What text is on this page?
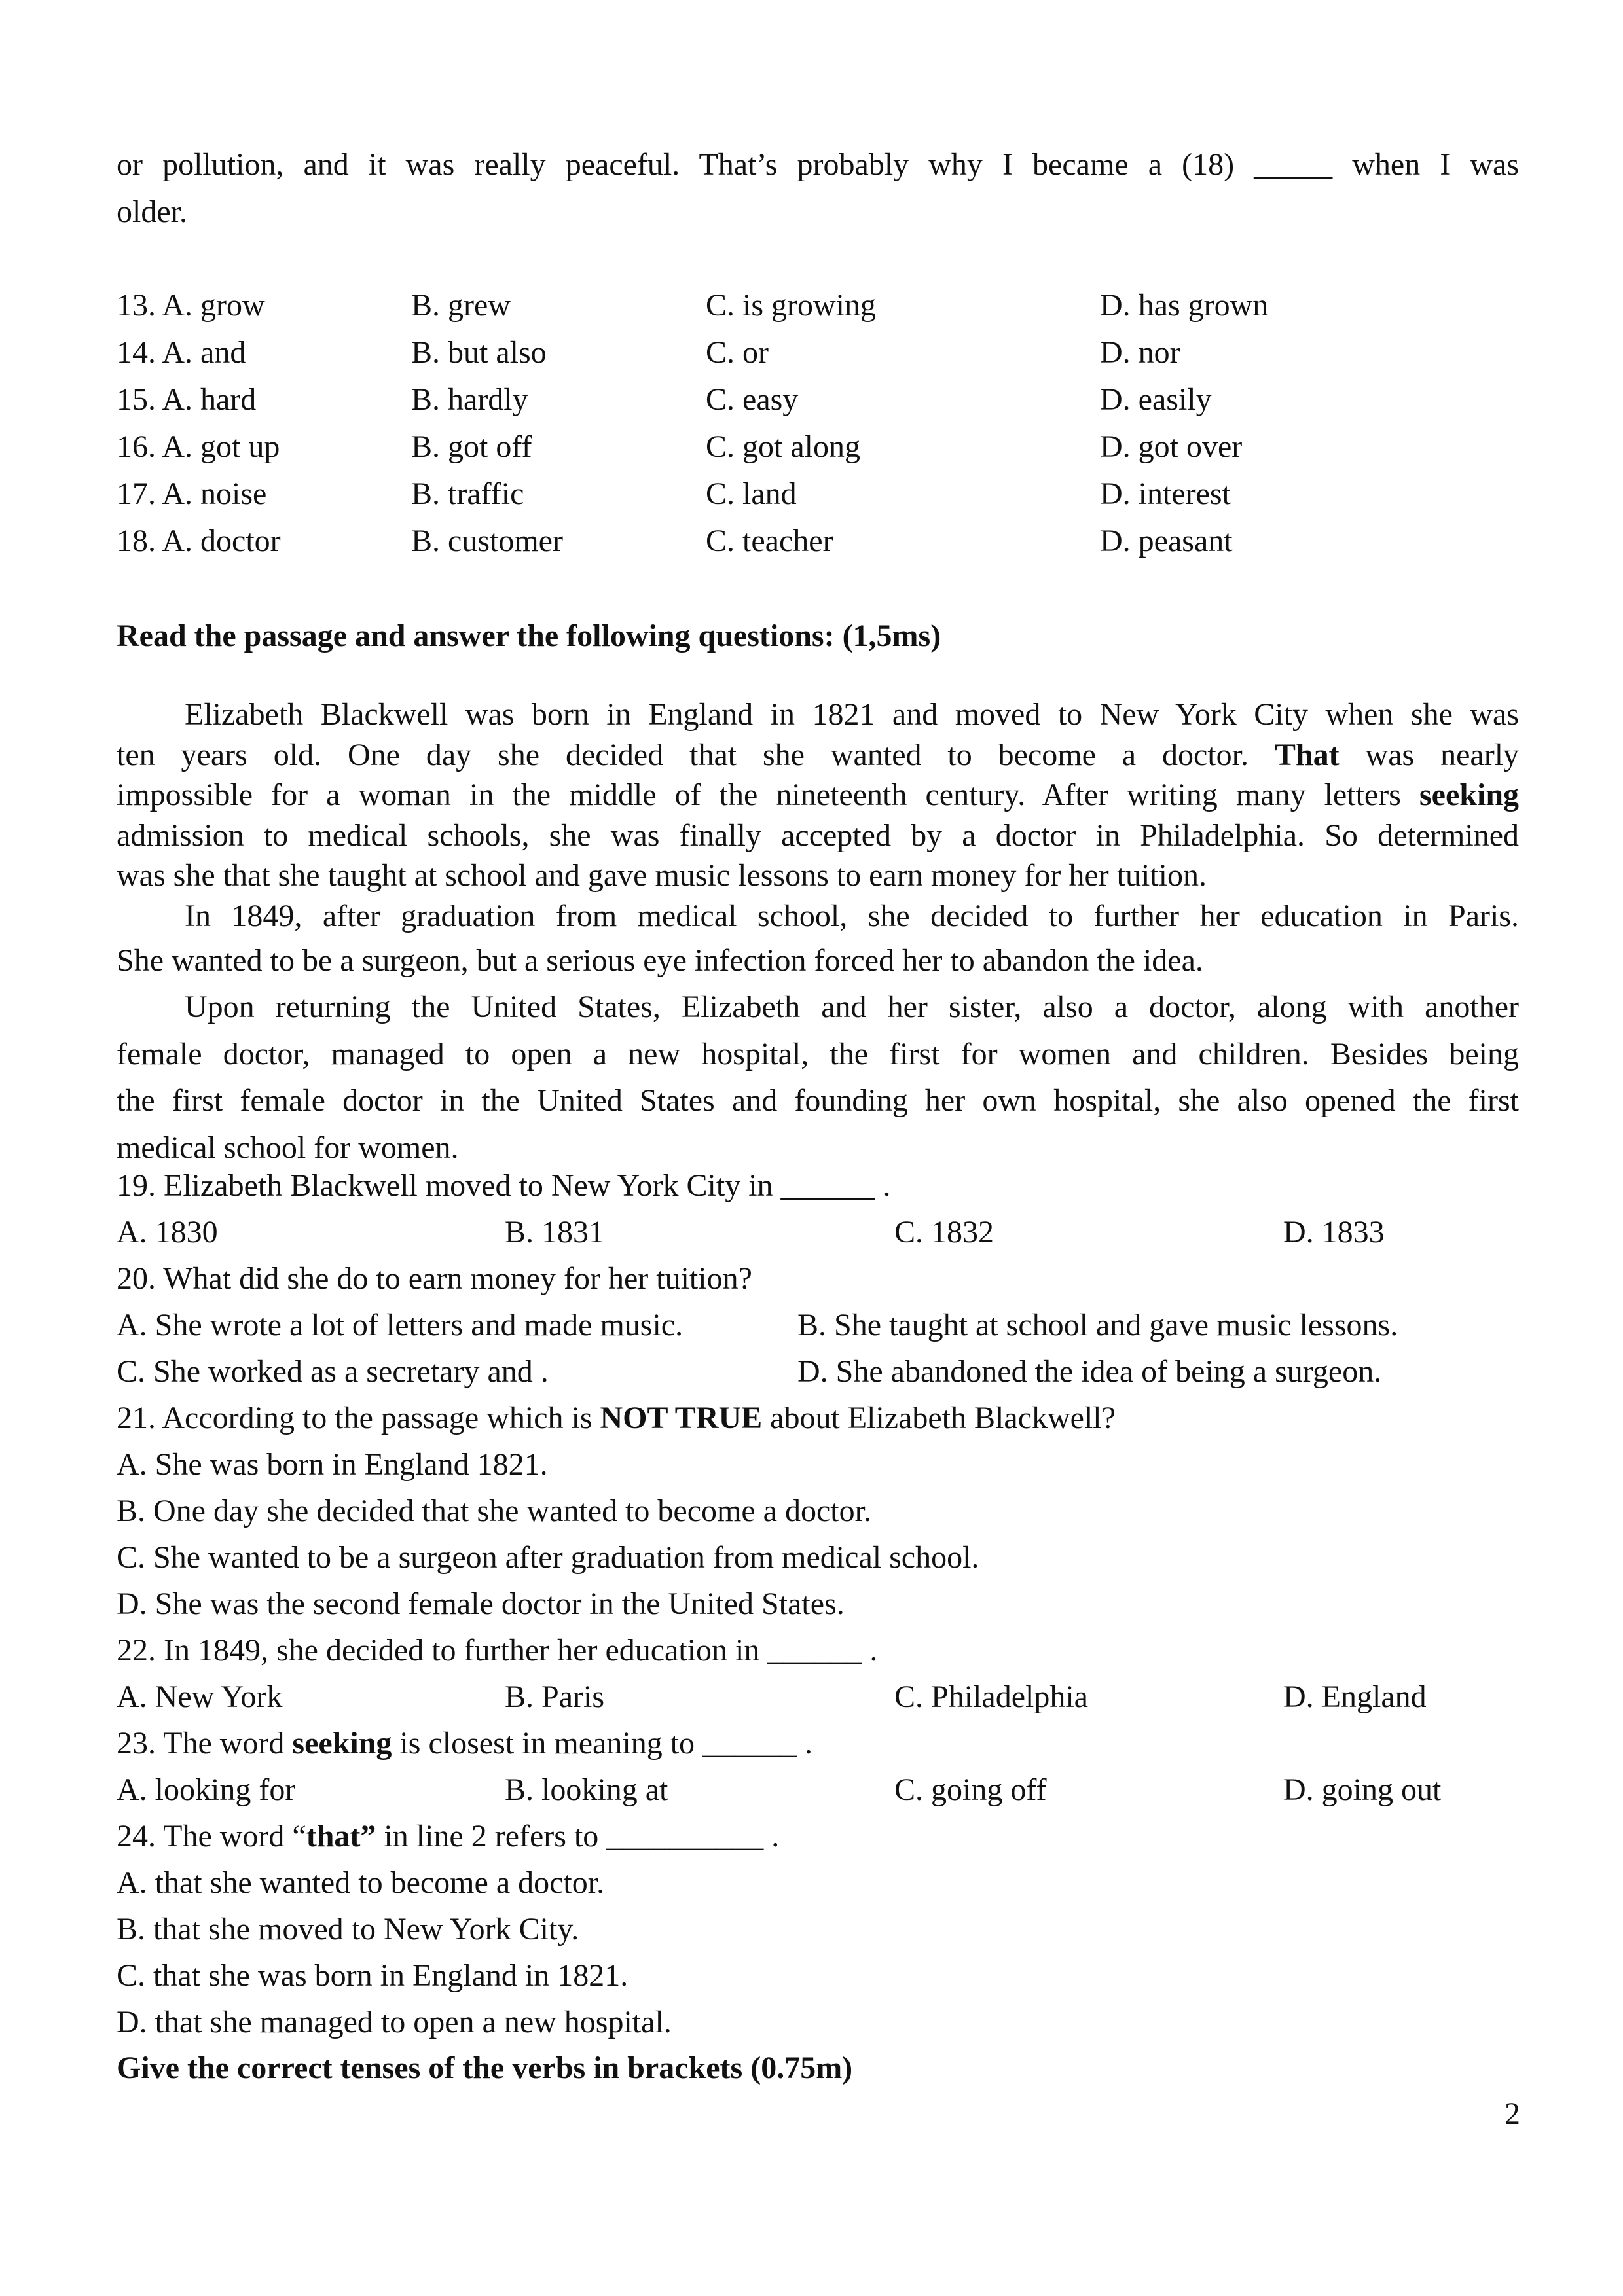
or pollution, and it was really peaceful. That’s probably why I became a (18) _____ when I was
older.
13. A. grow	B. grew	C. is growing	D. has grown
14. A. and	B. but also	C. or	D. nor
15. A. hard	B. hardly	C. easy	D. easily
16. A. got up	B. got off	C. got along	D. got over
17. A. noise	B. traffic	C. land	D. interest
18. A. doctor	B. customer	C. teacher	D. peasant
Read the passage and answer the following questions: (1,5ms)
Elizabeth Blackwell was born in England in 1821 and moved to New York City when she was
ten years old. One day she decided that she wanted to become a doctor. That was nearly
impossible for a woman in the middle of the nineteenth century. After writing many letters seeking
admission to medical schools, she was finally accepted by a doctor in Philadelphia. So determined
was she that she taught at school and gave music lessons to earn money for her tuition.
In 1849, after graduation from medical school, she decided to further her education in Paris.
She wanted to be a surgeon, but a serious eye infection forced her to abandon the idea.
Upon returning the United States, Elizabeth and her sister, also a doctor, along with another
female doctor, managed to open a new hospital, the first for women and children. Besides being
the first female doctor in the United States and founding her own hospital, she also opened the first
medical school for women.
19. Elizabeth Blackwell moved to New York City in ______ .
A. 1830	B. 1831	C. 1832	D. 1833
20. What did she do to earn money for her tuition?
A. She wrote a lot of letters and made music.	B. She taught at school and gave music lessons.
C. She worked as a secretary and .	D. She abandoned the idea of being a surgeon.
21. According to the passage which is NOT TRUE about Elizabeth Blackwell?
A. She was born in England 1821.
B. One day she decided that she wanted to become a doctor.
C. She wanted to be a surgeon after graduation from medical school.
D. She was the second female doctor in the United States.
22. In 1849, she decided to further her education in ______ .
A. New York	B. Paris	C. Philadelphia	D. England
23. The word seeking is closest in meaning to ______ .
A. looking for	B. looking at	C. going off	D. going out
24. The word “that” in line 2 refers to __________ .
A. that she wanted to become a doctor.
B. that she moved to New York City.
C. that she was born in England in 1821.
D. that she managed to open a new hospital.
Give the correct tenses of the verbs in brackets (0.75m)
2
